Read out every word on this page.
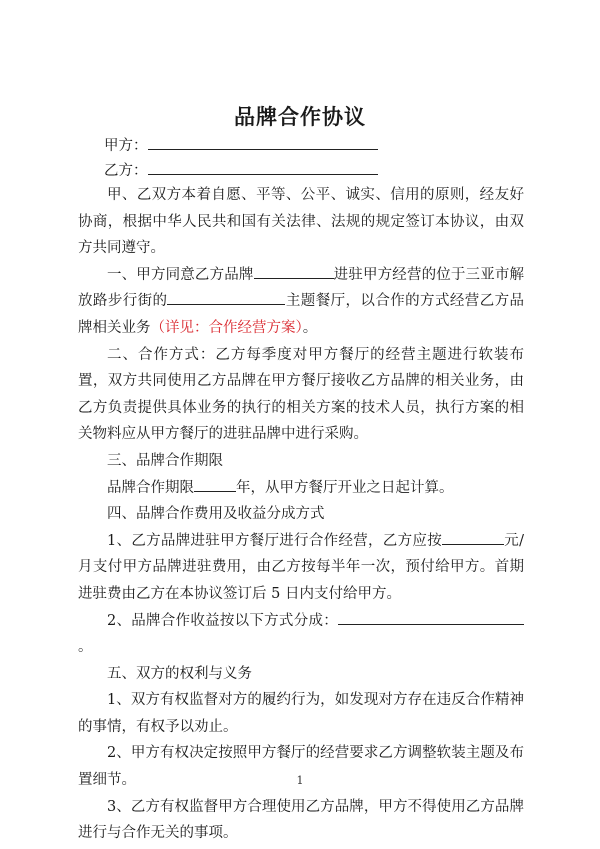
品牌合作协议
甲方：
乙方：

甲、乙双方本着自愿、平等、公平、诚实、信用的原则，经友好协商，根据中华人民共和国有关法律、法规的规定签订本协议，由双方共同遵守。

一、甲方同意乙方品牌	进驻甲方经营的位于三亚市解放路步行街的	主题餐厅，以合作的方式经营乙方品牌相关业务（详见：合作经营方案）。

二、合作方式：乙方每季度对甲方餐厅的经营主题进行软装布置，双方共同使用乙方品牌在甲方餐厅接收乙方品牌的相关业务，由乙方负责提供具体业务的执行的相关方案的技术人员，执行方案的相关物料应从甲方餐厅的进驻品牌中进行采购。

三、品牌合作期限

品牌合作期限	年，从甲方餐厅开业之日起计算。

四、品牌合作费用及收益分成方式

1、乙方品牌进驻甲方餐厅进行合作经营，乙方应按	元/月支付甲方品牌进驻费用，由乙方按每半年一次，预付给甲方。首期进驻费由乙方在本协议签订后 5 日内支付给甲方。

2、品牌合作收益按以下方式分成：。

五、双方的权利与义务

1、双方有权监督对方的履约行为，如发现对方存在违反合作精神的事情，有权予以劝止。

2、甲方有权决定按照甲方餐厅的经营要求乙方调整软装主题及布置细节。

3、乙方有权监督甲方合理使用乙方品牌，甲方不得使用乙方品牌进行与合作无关的事项。

1
